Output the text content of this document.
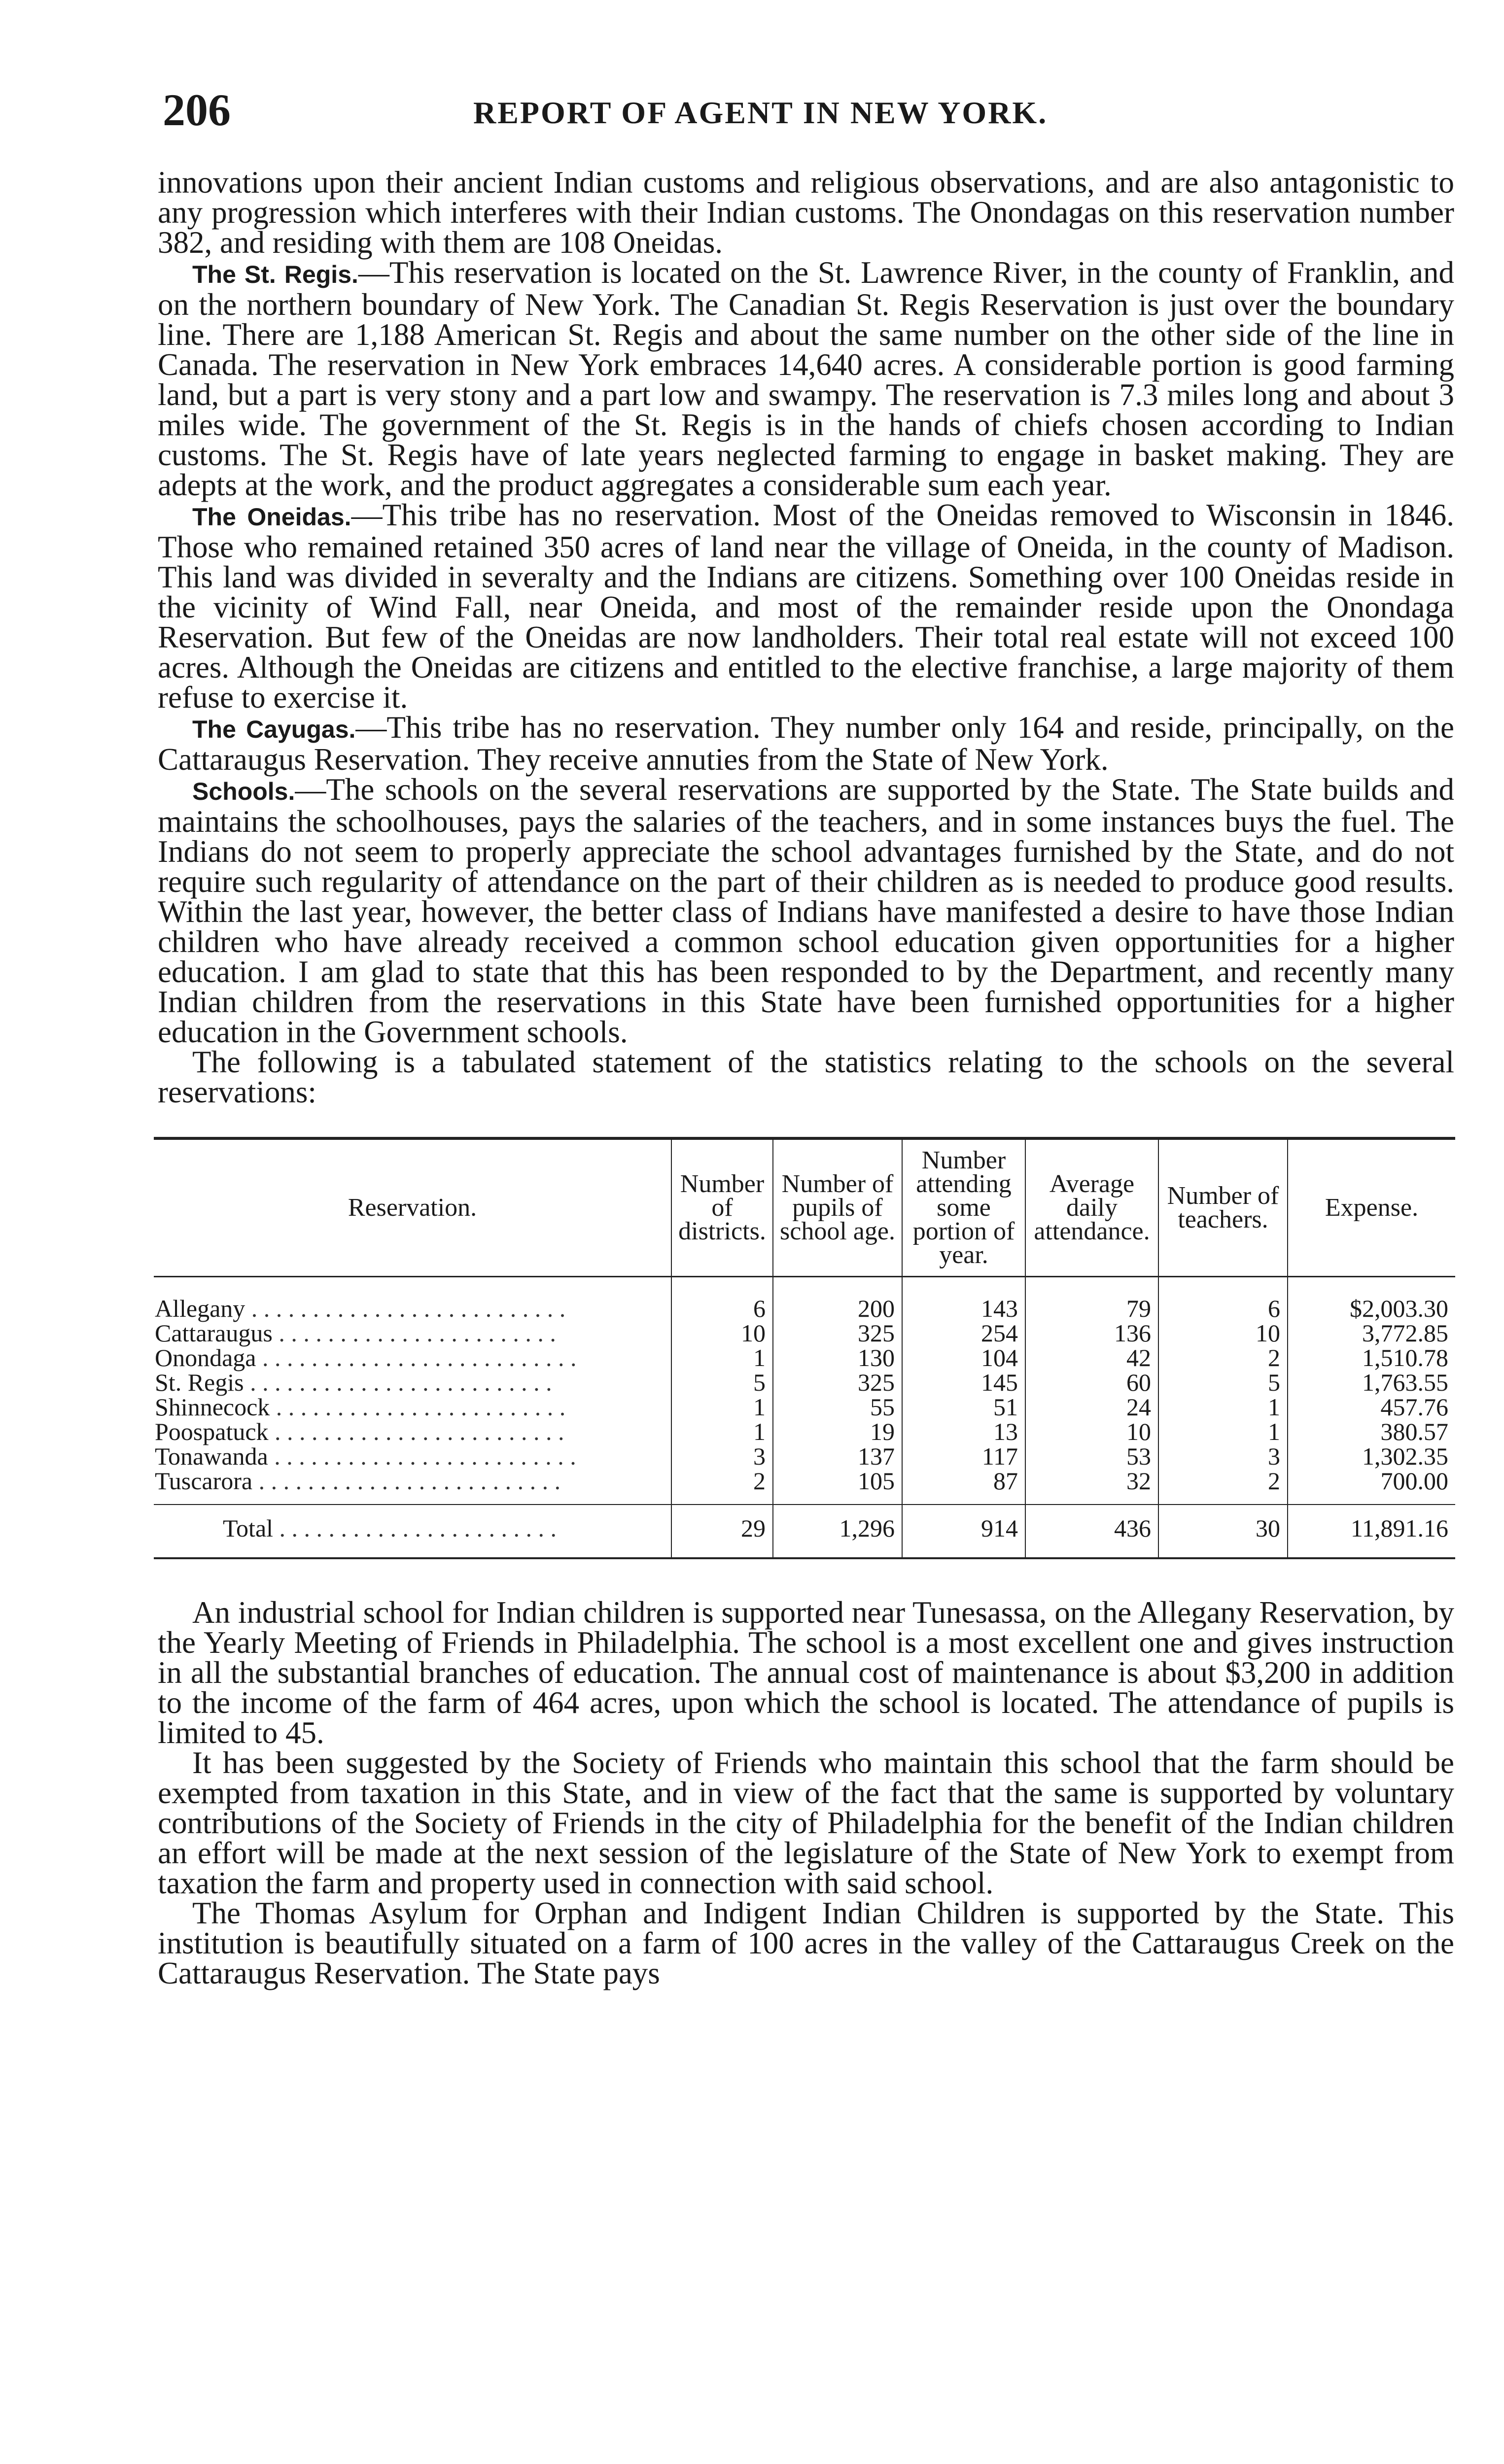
206	REPORT OF AGENT IN NEW YORK.

innovations upon their ancient Indian customs and religious observations, and are also antagonistic to any progression which interferes with their Indian customs. The Onondagas on this reservation number 382, and residing with them are 108 Oneidas.

The St. Regis.—This reservation is located on the St. Lawrence River, in the county of Franklin, and on the northern boundary of New York. The Canadian St. Regis Reservation is just over the boundary line. There are 1,188 American St. Regis and about the same number on the other side of the line in Canada. The reservation in New York embraces 14,640 acres. A considerable portion is good farming land, but a part is very stony and a part low and swampy. The reservation is 7.3 miles long and about 3 miles wide. The government of the St. Regis is in the hands of chiefs chosen according to Indian customs. The St. Regis have of late years neglected farming to engage in basket making. They are adepts at the work, and the product aggregates a considerable sum each year.

The Oneidas.—This tribe has no reservation. Most of the Oneidas removed to Wisconsin in 1846. Those who remained retained 350 acres of land near the village of Oneida, in the county of Madison. This land was divided in severalty and the Indians are citizens. Something over 100 Oneidas reside in the vicinity of Wind Fall, near Oneida, and most of the remainder reside upon the Onondaga Reservation. But few of the Oneidas are now landholders. Their total real estate will not exceed 100 acres. Although the Oneidas are citizens and entitled to the elective franchise, a large majority of them refuse to exercise it.

The Cayugas.—This tribe has no reservation. They number only 164 and reside, principally, on the Cattaraugus Reservation. They receive annuties from the State of New York.

Schools.—The schools on the several reservations are supported by the State. The State builds and maintains the schoolhouses, pays the salaries of the teachers, and in some instances buys the fuel. The Indians do not seem to properly appreciate the school advantages furnished by the State, and do not require such regularity of attendance on the part of their children as is needed to produce good results. Within the last year, however, the better class of Indians have manifested a desire to have those Indian children who have already received a common school education given opportunities for a higher education. I am glad to state that this has been responded to by the Department, and recently many Indian children from the reservations in this State have been furnished opportunities for a higher education in the Government schools.

The following is a tabulated statement of the statistics relating to the schools on the several reservations:

Reservation.	Number of districts.	Number of pupils of school age.	Number attending some portion of year.	Average daily attendance.	Number of teachers.	Expense.
Allegany . . . . . . . . . . . . . . . . . . . . . . . . . .	6	200	143	79	6	$2,003.30
Cattaraugus . . . . . . . . . . . . . . . . . . . . . . .	10	325	254	136	10	3,772.85
Onondaga . . . . . . . . . . . . . . . . . . . . . . . . . .	1	130	104	42	2	1,510.78
St. Regis . . . . . . . . . . . . . . . . . . . . . . . . .	5	325	145	60	5	1,763.55
Shinnecock . . . . . . . . . . . . . . . . . . . . . . . .	1	55	51	24	1	457.76
Poospatuck . . . . . . . . . . . . . . . . . . . . . . . .	1	19	13	10	1	380.57
Tonawanda . . . . . . . . . . . . . . . . . . . . . . . . .	3	137	117	53	3	1,302.35
Tuscarora . . . . . . . . . . . . . . . . . . . . . . . . .	2	105	87	32	2	700.00
Total . . . . . . . . . . . . . . . . . . . . . . .	29	1,296	914	436	30	11,891.16

An industrial school for Indian children is supported near Tunesassa, on the Allegany Reservation, by the Yearly Meeting of Friends in Philadelphia. The school is a most excellent one and gives instruction in all the substantial branches of education. The annual cost of maintenance is about $3,200 in addition to the income of the farm of 464 acres, upon which the school is located. The attendance of pupils is limited to 45.

It has been suggested by the Society of Friends who maintain this school that the farm should be exempted from taxation in this State, and in view of the fact that the same is supported by voluntary contributions of the Society of Friends in the city of Philadelphia for the benefit of the Indian children an effort will be made at the next session of the legislature of the State of New York to exempt from taxation the farm and property used in connection with said school.

The Thomas Asylum for Orphan and Indigent Indian Children is supported by the State. This institution is beautifully situated on a farm of 100 acres in the valley of the Cattaraugus Creek on the Cattaraugus Reservation. The State pays
